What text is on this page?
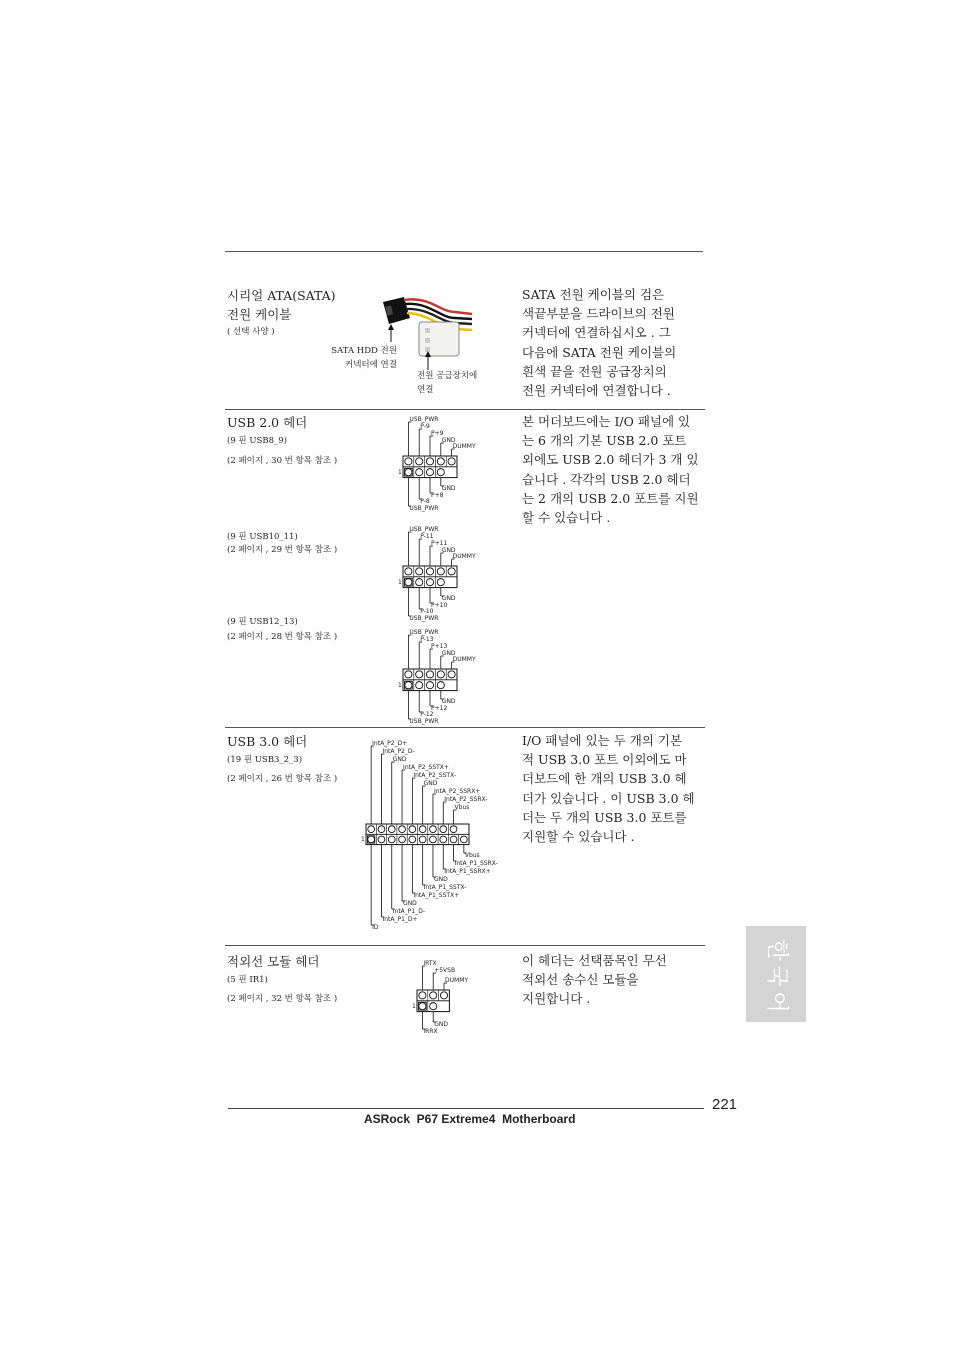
시리얼 ATA(SATA)
전원 케이블
( 선택 사양 )
SATA HDD 전원
커넥터에 연결
전원 공급장치에
연결
SATA 전원 케이블의 검은
색끝부분을 드라이브의 전원
커넥터에 연결하십시오 . 그
다음에 SATA 전원 케이블의
흰색 끝을 전원 공급장치의
전원 커넥터에 연결합니다 .
USB 2.0 헤더
(9 핀 USB8_9)
(2 페이지 , 30 번 항목 참조 )
(9 핀 USB10_11)
(2 페이지 , 29 번 항목 참조 )
(9 핀 USB12_13)
(2 페이지 , 28 번 항목 참조 )
본 머더보드에는 I/O 패널에 있
는 6 개의 기본 USB 2.0 포트
외에도 USB 2.0 헤더가 3 개 있
습니다 . 각각의 USB 2.0 헤더
는 2 개의 USB 2.0 포트를 지원
할 수 있습니다 .
USB_PWR
P-9
P+9
GND
DUMMY
GND
P+8
P-8
USB_PWR
1
USB_PWR
P-11
P+11
GND
DUMMY
GND
P+10
P-10
USB_PWR
1
USB_PWR
P-13
P+13
GND
DUMMY
GND
P+12
P-12
USB_PWR
1
USB 3.0 헤더
(19 핀 USB3_2_3)
(2 페이지 , 26 번 항목 참조 )
I/O 패널에 있는 두 개의 기본
적 USB 3.0 포트 이외에도 마
더보드에 한 개의 USB 3.0 헤
더가 있습니다 . 이 USB 3.0 헤
더는 두 개의 USB 3.0 포트를
지원할 수 있습니다 .
IntA_P2_D+
IntA_P2_D-
GND
IntA_P2_SSTX+
IntA_P2_SSTX-
GND
IntA_P2_SSRX+
IntA_P2_SSRX-
Vbus
1
Vbus
IntA_P1_SSRX-
IntA_P1_SSRX+
GND
IntA_P1_SSTX-
IntA_P1_SSTX+
GND
IntA_P1_D-
IntA_P1_D+
ID
적외선 모듈 헤더
(5 핀 IR1)
(2 페이지 , 32 번 항목 참조 )
이 헤더는 선택품목인 무선
적외선 송수신 모듈을
지원합니다 .
IRTX
+5VSB
DUMMY
GND
IRRX
1
한
국
어
221
ASRock  P67 Extreme4  Motherboard
